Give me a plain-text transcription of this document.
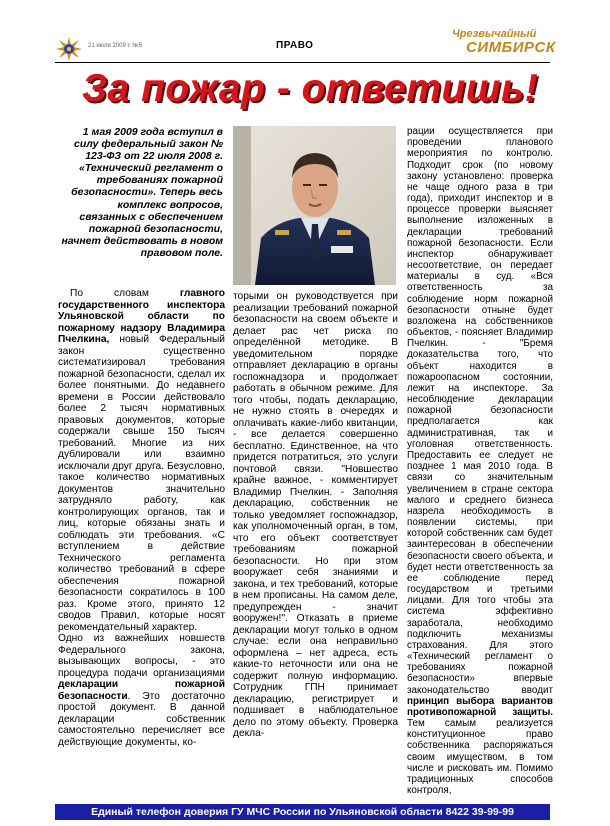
21 июля 2009 г. №5	ПРАВО
Чрезвычайный
СИМБИРСК
За пожар - ответишь!

1 мая 2009 года вступил в силу федеральный закон № 123-ФЗ от 22 июля 2008 г. «Технический регламент о требованиях пожарной безопасности». Теперь весь комплекс вопросов, связанных с обеспечением пожарной безопасности, начнет действовать в новом правовом поле.

По словам главного государственного инспектора Ульяновской области по пожарному надзору Владимира Пчелкина, новый Федеральный закон существенно систематизировал требования пожарной безопасности, сделал их более понятными. До недавнего времени в России действовало более 2 тысяч нормативных правовых документов, которые содержали свыше 150 тысяч требований. Многие из них дублировали или взаимно исключали друг друга. Безусловно, такое количество нормативных документов значительно затрудняло работу, как контролирующих органов, так и лиц, которые обязаны знать и соблюдать эти требования. «С вступлением в действие Технического регламента количество требований в сфере обеспечения пожарной безопасности сократилось в 100 раз. Кроме этого, принято 12 сводов Правил, которые носят рекомендательный характер.

Одно из важнейших новшеств Федерального закона, вызывающих вопросы, - это процедура подачи организациями декларации пожарной безопасности. Это достаточно простой документ. В данной декларации собственник самостоятельно перечисляет все действующие документы, ко-

торыми он руководствуется при реализации требований пожарной безопасности на своем объекте и делает рас чет риска по определённой методике. В уведомительном порядке отправляет декларацию в органы госпожнадзора и продолжает работать в обычном режиме. Для того чтобы, подать декларацию, не нужно стоять в очередях и оплачивать какие-либо квитанции, - все делается совершенно бесплатно. Единственное, на что придется потратиться, это услуги почтовой связи. "Новшество крайне важное, - комментирует Владимир Пчелкин. - Заполняя декларацию, собственник не только уведомляет госпожнадзор, как уполномоченный орган, в том, что его объект соответствует требованиям пожарной безопасности. Но при этом вооружает себя знаниями и закона, и тех требований, которые в нем прописаны. На самом деле, предупрежден - значит вооружен!". Отказать в приеме декларации могут только в одном случае: если она неправильно оформлена – нет адреса, есть какие-то неточности или она не содержит полную информацию. Сотрудник ГПН принимает декларацию, регистрирует и подшивает в наблюдательное дело по этому объекту. Проверка декла-

рации осуществляется при проведении планового мероприятия по контролю. Подходит срок (по новому закону установлено: проверка не чаще одного раза в три года), приходит инспектор и в процессе проверки выясняет выполнение изложенных в декларации требований пожарной безопасности. Если инспектор обнаруживает несоответствие, он передает материалы в суд. «Вся ответственность за соблюдение норм пожарной безопасности отныне будет возложена на собственников объектов, - поясняет Владимир Пчелкин. - "Бремя доказательства того, что объект находится в пожароопасном состоянии, лежит на инспекторе. За несоблюдение декларации пожарной безопасности предполагается как административная, так и уголовная ответственность. Предоставить ее следует не позднее 1 мая 2010 года. В связи со значительным увеличением в стране сектора малого и среднего бизнеса назрела необходимость в появлении системы, при которой собственник сам будет заинтересован в обеспечении безопасности своего объекта, и будет нести ответственность за ее соблюдение перед государством и третьими лицами. Для того чтобы эта система эффективно заработала, необходимо подключить механизмы страхования. Для этого «Технический регламент о требованиях пожарной безопасности» впервые законодательство вводит принцип выбора вариантов противопожарной защиты. Тем самым реализуется конституционное право собственника распоряжаться своим имуществом, в том числе и рисковать им. Помимо традиционных способов контроля,

Единый телефон доверия ГУ МЧС России по Ульяновской области 8422 39-99-99
